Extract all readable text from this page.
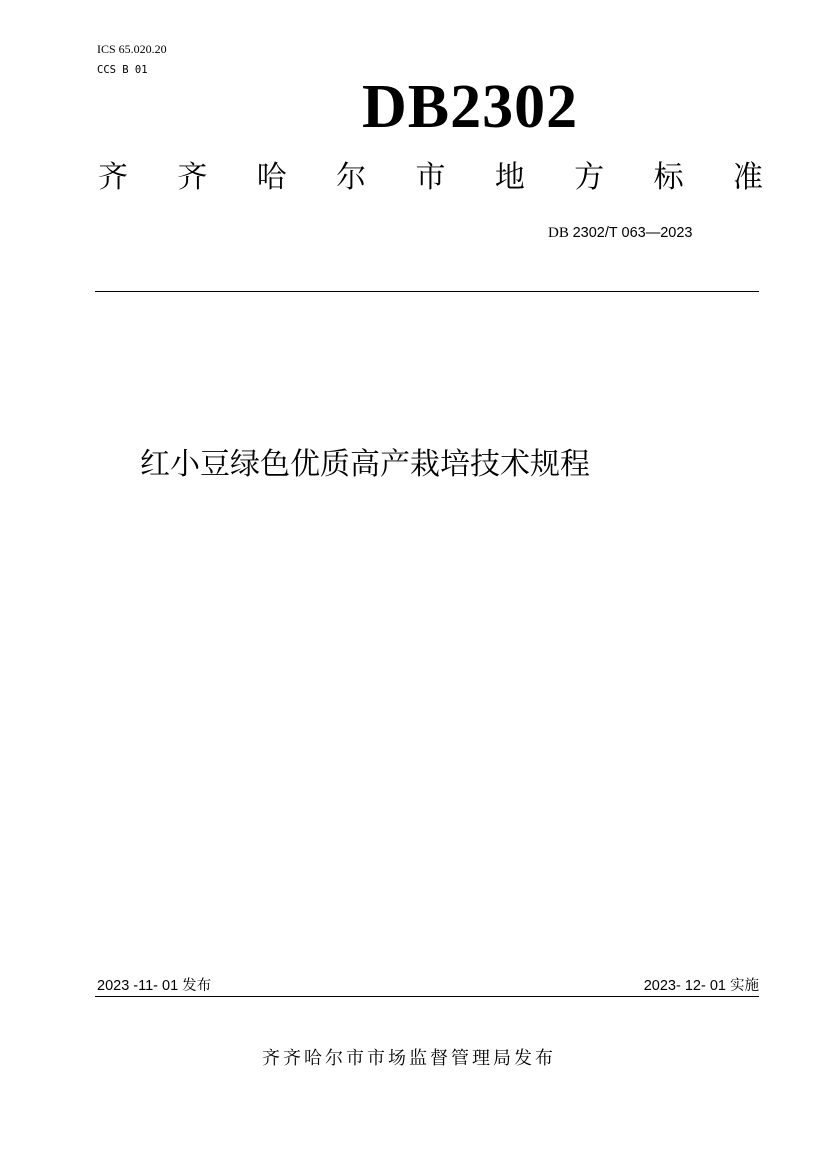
ICS 65.020.20
CCS B 01
DB2302
齐 齐 哈 尔 市 地 方 标 准
DB 2302/T 063—2023
红小豆绿色优质高产栽培技术规程
2023 -11- 01 发布	2023- 12- 01 实施
齐齐哈尔市市场监督管理局发布
